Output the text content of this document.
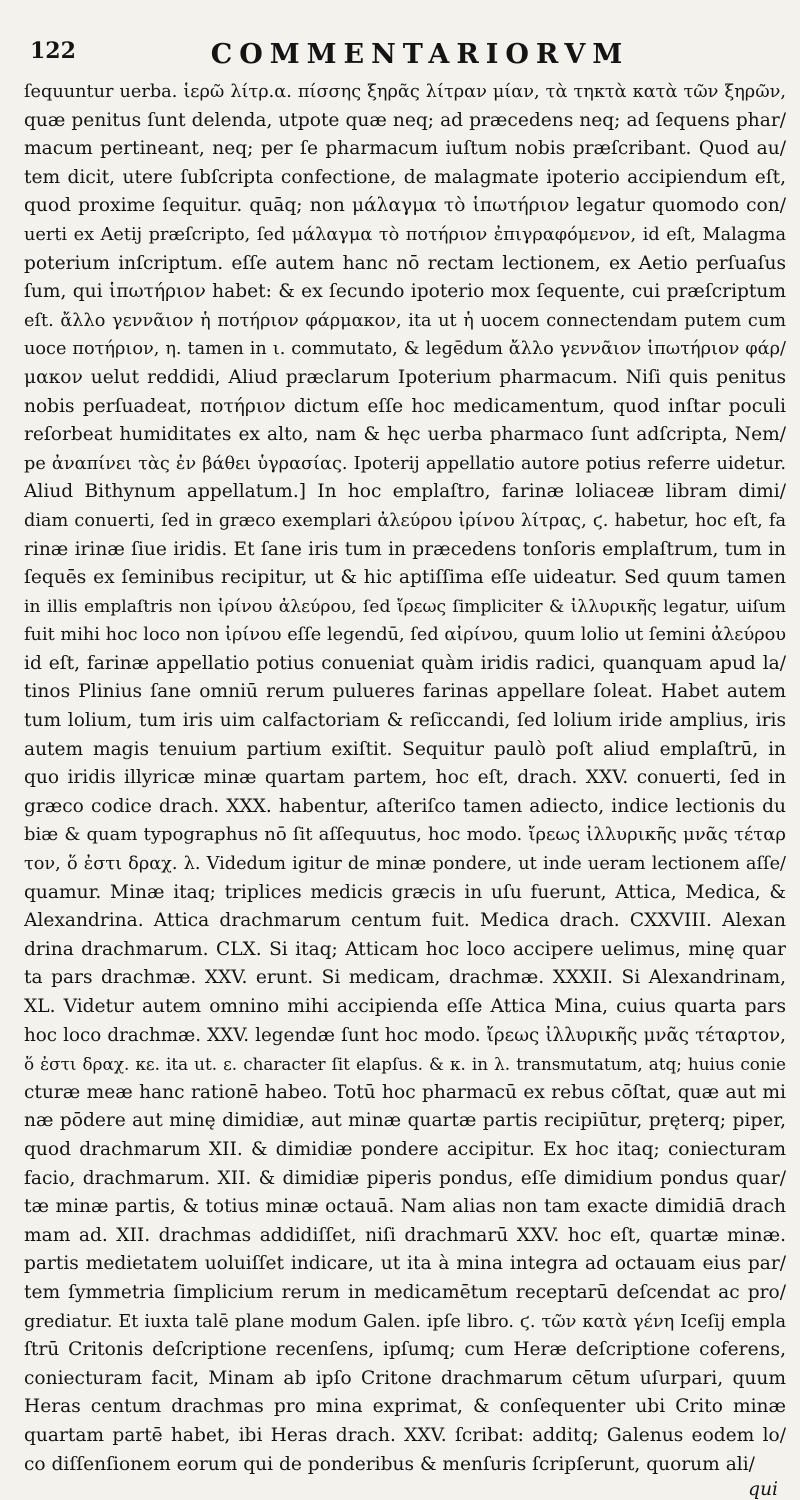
122	COMMENTARIORVM
ſequuntur uerba. ἱερῶ λίτρ.α. πίσσης ξηρᾶς λίτραν μίαν, τὰ τηκτὰ κατὰ τῶν ξηρῶν,
quæ penitus ſunt delenda, utpote quæ neq; ad præcedens neq; ad ſequens phar/
macum pertineant, neq; per ſe pharmacum iuſtum nobis præſcribant. Quod au/
tem dicit, utere ſubſcripta confectione, de malagmate ipoterio accipiendum eſt,
quod proxime ſequitur. quāq; non μάλαγμα τὸ ἱπωτήριον legatur quomodo con/
uerti ex Aetij præſcripto, ſed μάλαγμα τὸ ποτήριον ἐπιγραφόμενον, id eſt, Malagma
poterium inſcriptum. eſſe autem hanc nō rectam lectionem, ex Aetio perſuaſus
ſum, qui ἱπωτήριον habet: & ex ſecundo ipoterio mox ſequente, cui præſcriptum
eſt. ἄλλο γεννᾶιον ἡ ποτήριον φάρμακον, ita ut ἡ uocem connectendam putem cum
uoce ποτήριον, η. tamen in ι. commutato, & legēdum ἄλλο γεννᾶιον ἱπωτήριον φάρ/
μακον uelut reddidi, Aliud præclarum Ipoterium pharmacum. Niſi quis penitus
nobis perſuadeat, ποτήριον dictum eſſe hoc medicamentum, quod inſtar poculi
reſorbeat humiditates ex alto, nam & hęc uerba pharmaco ſunt adſcripta, Nem/
pe ἀναπίνει τὰς ἐν βάθει ὑγρασίας. Ipoterij appellatio autore potius referre uidetur.
Aliud Bithynum appellatum.] In hoc emplaſtro, farinæ loliaceæ libram dimi/
diam conuerti, ſed in græco exemplari ἀλεύρου ἰρίνου λίτρας, ϛ. habetur, hoc eſt, fa
rinæ irinæ ſiue iridis. Et ſane iris tum in præcedens tonſoris emplaſtrum, tum in
ſequēs ex ſeminibus recipitur, ut & hic aptiſſima eſſe uideatur. Sed quum tamen
in illis emplaſtris non ἰρίνου ἀλεύρου, ſed ἴρεως ſimpliciter & ἰλλυρικῆς legatur, uiſum
fuit mihi hoc loco non ἰρίνου eſſe legendū, ſed αἰρίνου, quum lolio ut ſemini ἀλεύρου
id eſt, farinæ appellatio potius conueniat quàm iridis radici, quanquam apud la/
tinos Plinius ſane omniū rerum pulueres farinas appellare ſoleat. Habet autem
tum lolium, tum iris uim calfactoriam & reſiccandi, ſed lolium iride amplius, iris
autem magis tenuium partium exiſtit. Sequitur paulò poſt aliud emplaſtrū, in
quo iridis illyricæ minæ quartam partem, hoc eſt, drach. XXV. conuerti, ſed in
græco codice drach. XXX. habentur, aſteriſco tamen adiecto, indice lectionis du
biæ & quam typographus nō ſit aſſequutus, hoc modo. ἴρεως ἰλλυρικῆς μνᾶς τέταρ
τον, ὅ ἐστι δραχ. λ. Videdum igitur de minæ pondere, ut inde ueram lectionem aſſe/
quamur. Minæ itaq; triplices medicis græcis in uſu fuerunt, Attica, Medica, &
Alexandrina. Attica drachmarum centum fuit. Medica drach. CXXVIII. Alexan
drina drachmarum. CLX. Si itaq; Atticam hoc loco accipere uelimus, minę quar
ta pars drachmæ. XXV. erunt. Si medicam, drachmæ. XXXII. Si Alexandrinam,
XL. Videtur autem omnino mihi accipienda eſſe Attica Mina, cuius quarta pars
hoc loco drachmæ. XXV. legendæ ſunt hoc modo. ἴρεως ἰλλυρικῆς μνᾶς τέταρτον,
ὅ ἐστι δραχ. κε. ita ut. ε. character ſit elapſus. & κ. in λ. transmutatum, atq; huius conie
cturæ meæ hanc rationē habeo. Totū hoc pharmacū ex rebus cōſtat, quæ aut mi
næ pōdere aut minę dimidiæ, aut minæ quartæ partis recipiūtur, pręterq; piper,
quod drachmarum XII. & dimidiæ pondere accipitur. Ex hoc itaq; coniecturam
facio, drachmarum. XII. & dimidiæ piperis pondus, eſſe dimidium pondus quar/
tæ minæ partis, & totius minæ octauā. Nam alias non tam exacte dimidiā drach
mam ad. XII. drachmas addidiſſet, niſi drachmarū XXV. hoc eſt, quartæ minæ.
partis medietatem uoluiſſet indicare, ut ita à mina integra ad octauam eius par/
tem ſymmetria ſimplicium rerum in medicamētum receptarū deſcendat ac pro/
grediatur. Et iuxta talē plane modum Galen. ipſe libro. ϛ. τῶν κατὰ γένη Iceſij empla
ſtrū Critonis deſcriptione recenſens, ipſumq; cum Heræ deſcriptione coferens,
coniecturam facit, Minam ab ipſo Critone drachmarum cētum uſurpari, quum
Heras centum drachmas pro mina exprimat, & conſequenter ubi Crito minæ
quartam partē habet, ibi Heras drach. XXV. ſcribat: additq; Galenus eodem lo/
co diſſenſionem eorum qui de ponderibus & menſuris ſcripſerunt, quorum ali/
qui
